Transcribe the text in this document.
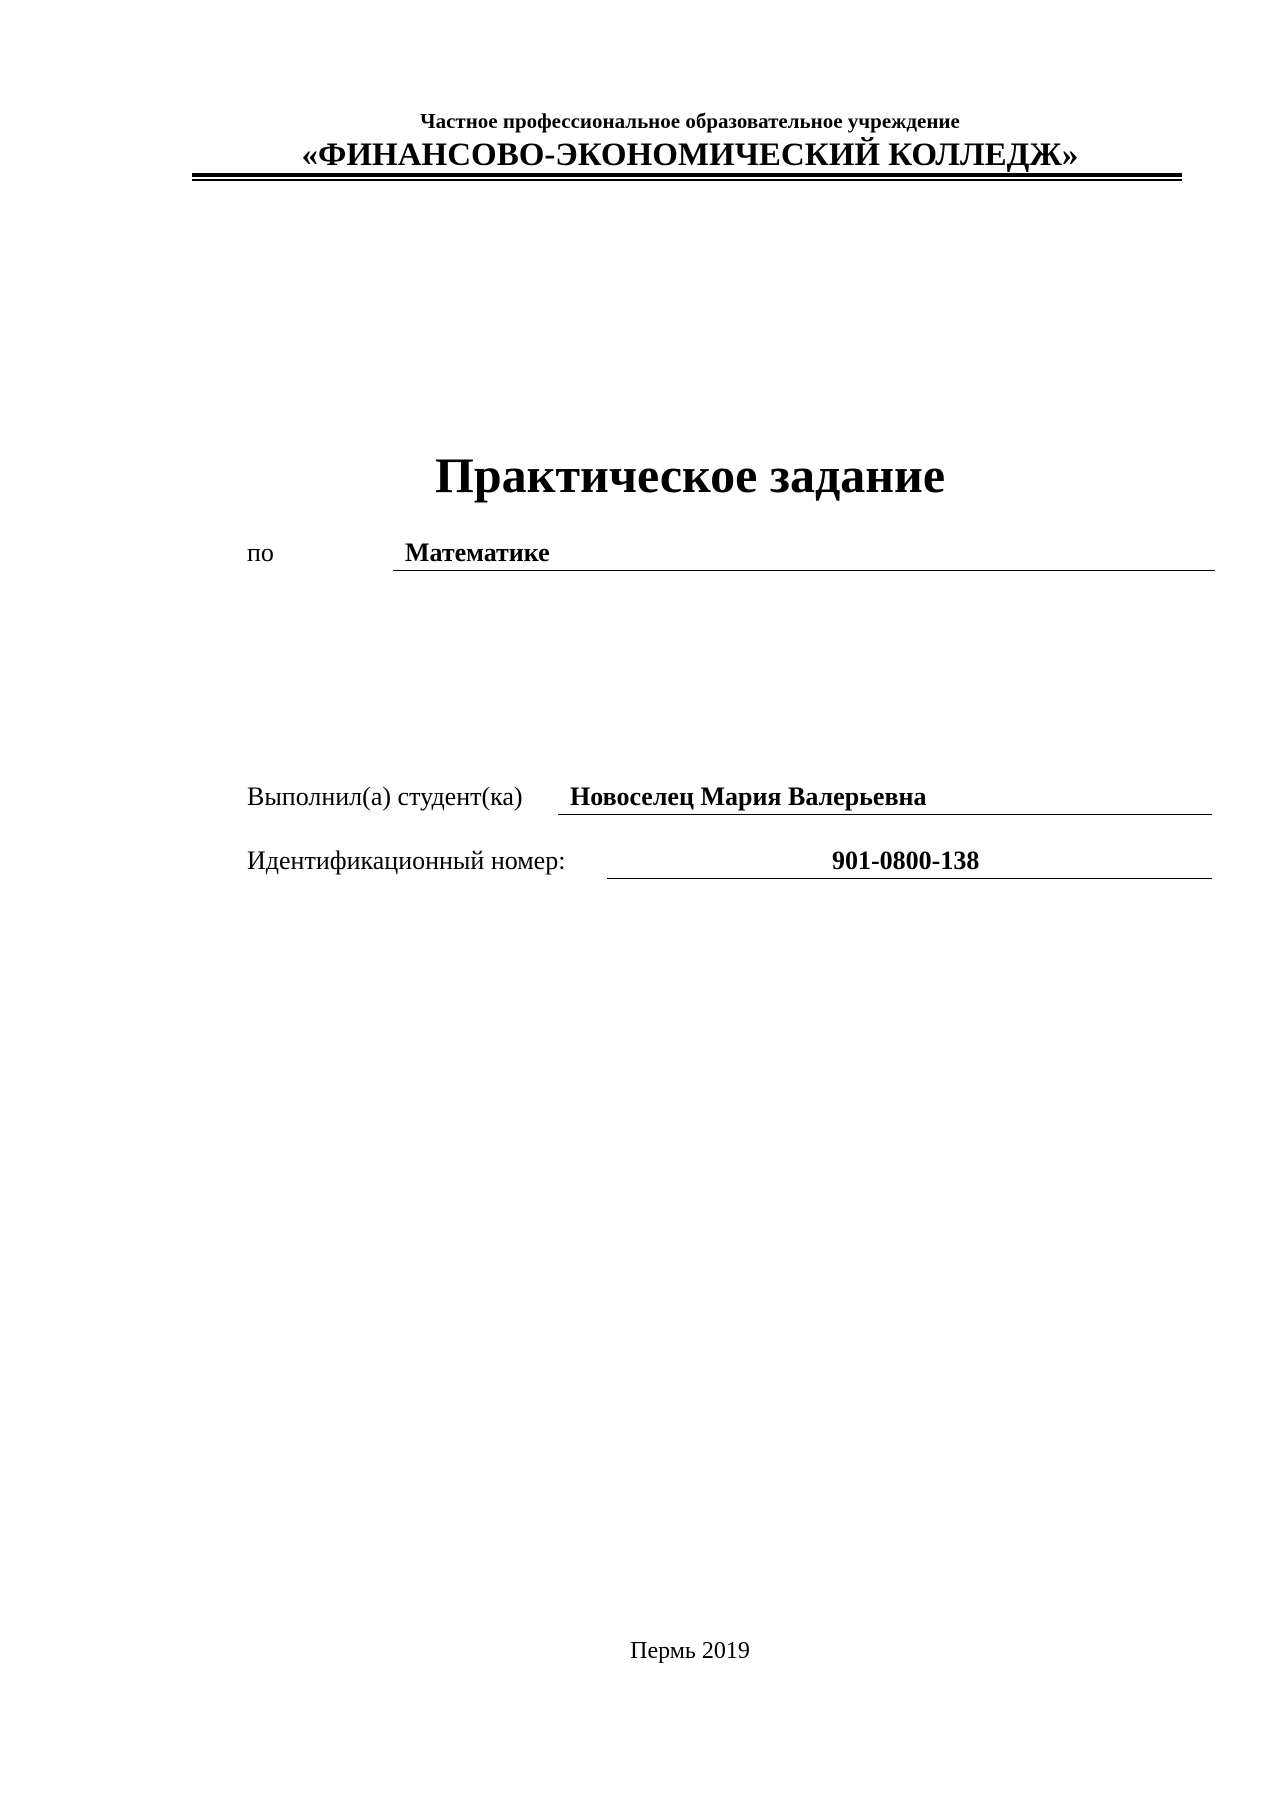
Частное профессиональное образовательное учреждение
«ФИНАНСОВО-ЭКОНОМИЧЕСКИЙ КОЛЛЕДЖ»
Практическое задание
по	Математике
Выполнил(а) студент(ка) Новоселец Мария Валерьевна
Идентификационный номер:	901-0800-138
Пермь 2019
